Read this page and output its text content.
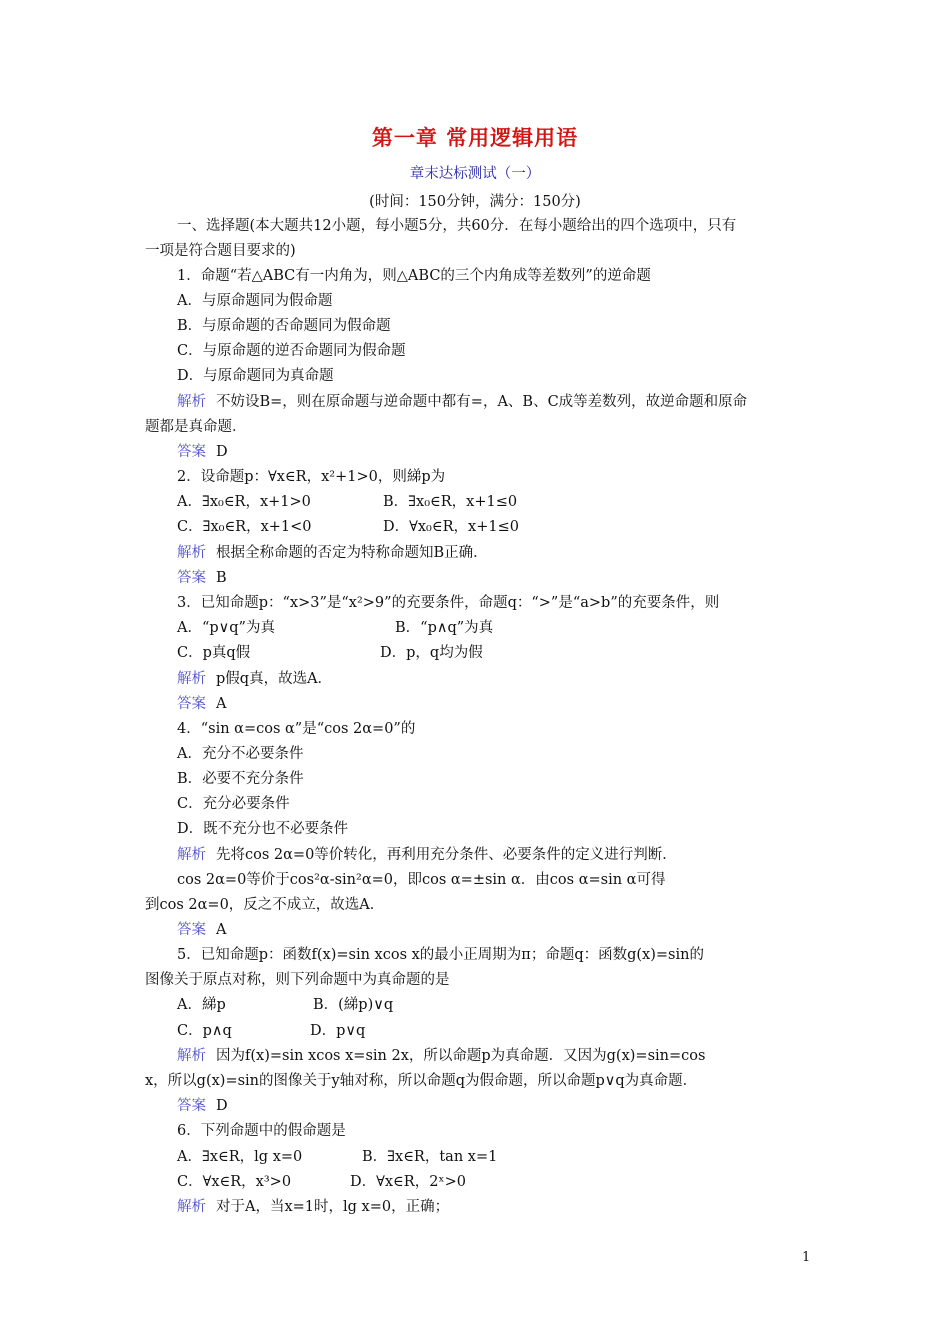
第一章 常用逻辑用语
章末达标测试（一）
(时间：150分钟，满分：150分)
一、选择题(本大题共12小题，每小题5分，共60分．在每小题给出的四个选项中，只有
一项是符合题目要求的)
1．命题“若△ABC有一内角为，则△ABC的三个内角成等差数列”的逆命题
A．与原命题同为假命题
B．与原命题的否命题同为假命题
C．与原命题的逆否命题同为假命题
D．与原命题同为真命题
解析 不妨设B=，则在原命题与逆命题中都有=，A、B、C成等差数列，故逆命题和原命
题都是真命题．
答案 D
2．设命题p：∀x∈R，x²+1>0，则綈p为
A．∃x₀∈R，x+1>0	B．∃x₀∈R，x+1≤0
C．∃x₀∈R，x+1<0	D．∀x₀∈R，x+1≤0
解析 根据全称命题的否定为特称命题知B正确．
答案 B
3．已知命题p：“x>3”是“x²>9”的充要条件，命题q：“>”是“a>b”的充要条件，则
A．“p∨q”为真	B．“p∧q”为真
C．p真q假	D．p，q均为假
解析 p假q真，故选A．
答案 A
4．“sin α=cos α”是“cos 2α=0”的
A．充分不必要条件
B．必要不充分条件
C．充分必要条件
D．既不充分也不必要条件
解析 先将cos 2α=0等价转化，再利用充分条件、必要条件的定义进行判断．
cos 2α=0等价于cos²α-sin²α=0，即cos α=±sin α．由cos α=sin α可得
到cos 2α=0，反之不成立，故选A．
答案 A
5．已知命题p：函数f(x)=sin xcos x的最小正周期为π；命题q：函数g(x)=sin的
图像关于原点对称，则下列命题中为真命题的是
A．綈p	B．(綈p)∨q
C．p∧q	D．p∨q
解析 因为f(x)=sin xcos x=sin 2x，所以命题p为真命题．又因为g(x)=sin=cos
x，所以g(x)=sin的图像关于y轴对称，所以命题q为假命题，所以命题p∨q为真命题．
答案 D
6．下列命题中的假命题是
A．∃x∈R，lg x=0	B．∃x∈R，tan x=1
C．∀x∈R，x³>0	D．∀x∈R，2ˣ>0
解析 对于A，当x=1时，lg x=0，正确；
1
